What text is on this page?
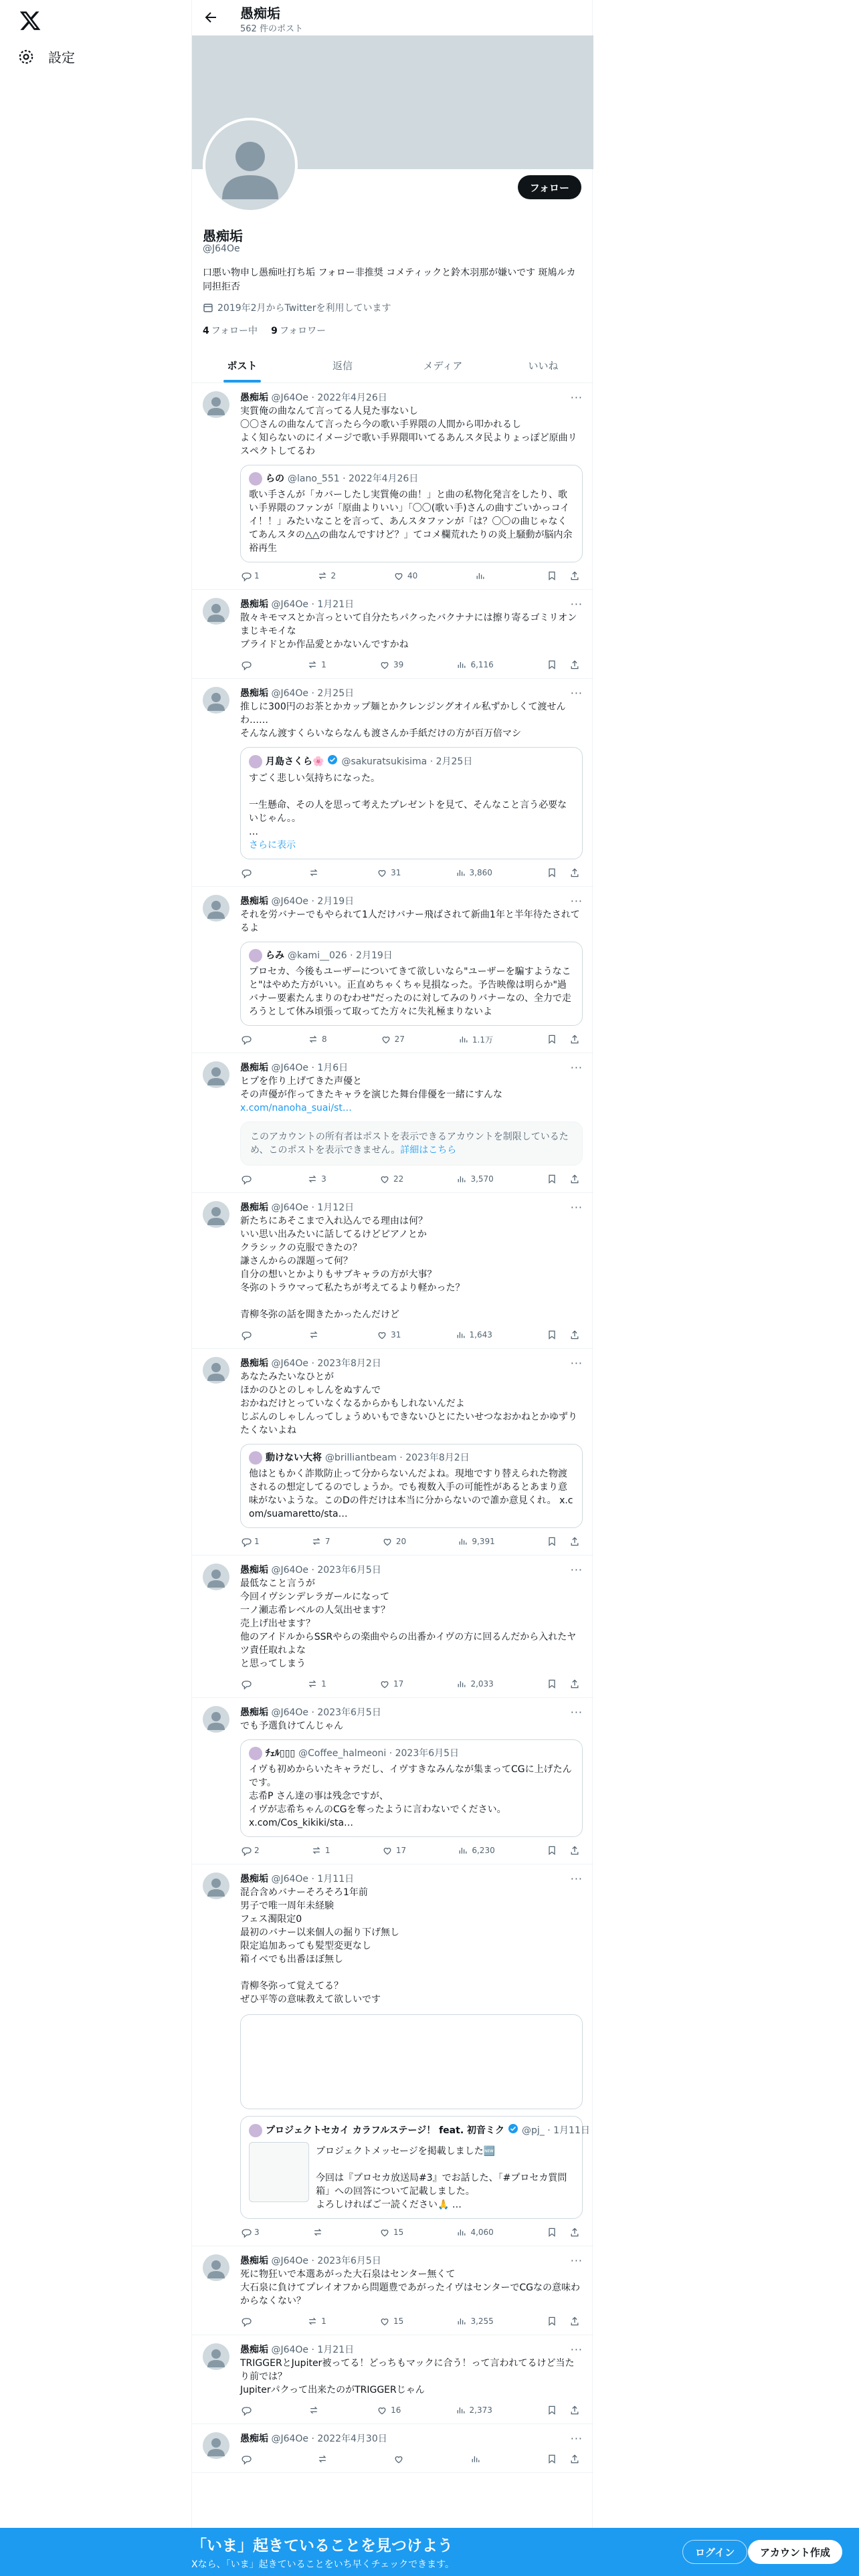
設定
愚痴垢
562 件のポスト
フォロー
愚痴垢
@J64Oe
口悪い物申し愚痴吐打ち垢 フォロー非推奨 コメティックと鈴木羽那が嫌いです 斑鳩ルカ同担拒否
2019年2月からTwitterを利用しています
4 フォロー中 9 フォロワー
ポスト	返信	メディア	いいね
···
愚痴垢 @J64Oe · 2022年4月26日
実質俺の曲なんて言ってる人見た事ないし
〇〇さんの曲なんて言ったら今の歌い手界隈の人間から叩かれるし
よく知らないのにイメージで歌い手界隈叩いてるあんスタ民よりょっぽど原曲リスペクトしてるわ
らの @lano_551 · 2022年4月26日
歌い手さんが「カバーしたし実質俺の曲！」と曲の私物化発言をしたり、歌い手界隈のファンが「原曲よりいい」「〇〇(歌い手)さんの曲すごいかっコイイ！！」みたいなことを言って、あんスタファンが「は？〇〇の曲じゃなくてあんスタの△△の曲なんですけど？」てコメ欄荒れたりの炎上騒動が脳内余裕再生
1	2	40
···
愚痴垢 @J64Oe · 1月21日
散々キモマスとか言っといて自分たちパクったバクナナには擦り寄るゴミリオンまじキモイな
ブライドとか作品愛とかないんですかね
1	39	6,116
···
愚痴垢 @J64Oe · 2月25日
推しに300円のお茶とかカップ麺とかクレンジングオイル私ずかしくて渡せんわ……
そんなん渡すくらいならなんも渡さんか手紙だけの方が百万倍マシ
月島さくら🌸 @sakuratsukisima · 2月25日
すごく悲しい気持ちになった。

一生懸命、その人を思って考えたプレゼントを見て、そんなこと言う必要ないじゃん。。
…
さらに表示
31	3,860
···
愚痴垢 @J64Oe · 2月19日
それを労バナーでもやられて1人だけバナー飛ばされて新曲1年と半年待たされてるよ
らみ @kami__026 · 2月19日
プロセカ、今後もユーザーについてきて欲しいなら"ユーザーを騙すようなこと"はやめた方がいい。正直めちゃくちゃ見損なった。予告映像は明らか"過バナー要素たんまりのむわせ"だったのに対してみのりバナーなの、全力で走ろうとして休み頃張って取ってた方々に失礼極まりないよ
8	27	1.1万
···
愚痴垢 @J64Oe · 1月6日
ヒプを作り上げてきた声優と
その声優が作ってきたキャラを演じた舞台俳優を一緒にすんな
x.com/nanoha_suai/st…
このアカウントの所有者はポストを表示できるアカウントを制限しているため、このポストを表示できません。詳細はこちら
3	22	3,570
···
愚痴垢 @J64Oe · 1月12日
新たちにあそこまで入れ込んでる理由は何？
いい思い出みたいに話してるけどピアノとか
クラシックの克服できたの？
謙さんからの課題って何？
自分の想いとかよりもサブキャラの方が大事？
冬弥のトラウマって私たちが考えてるより軽かった？

青柳冬弥の話を聞きたかったんだけど
31	1,643
···
愚痴垢 @J64Oe · 2023年8月2日
あなたみたいなひとが
ほかのひとのしゃしんをぬすんで
おかねだけとっていなくなるからかもしれないんだよ
じぶんのしゃしんってしょうめいもできないひとにたいせつなおかねとかゆずりたくないよね
動けない大将 @brilliantbeam · 2023年8月2日
他はともかく詐欺防止って分からないんだよね。現地ですり替えられた物渡されるの想定してるのでしょうか。でも複数入手の可能性があるとあまり意味がないような。このDの件だけは本当に分からないので誰か意見くれ。 x.com/suamaretto/sta…
1	7	20	9,391
···
愚痴垢 @J64Oe · 2023年6月5日
最低なこと言うが
今回イヴシンデレラガールになって
一ノ瀬志希レベルの人気出せます？
売上げ出せます？
他のアイドルからSSRやらの楽曲やらの出番かイヴの方に回るんだから入れたヤツ責任取れよな
と思ってしまう
1	17	2,033
···
愚痴垢 @J64Oe · 2023年6月5日
でも予選負けてんじゃん
ﾁｪﾙ▯▯▯ @Coffee_halmeoni · 2023年6月5日
イヴも初めからいたキャラだし、イヴすきなみんなが集まってCGに上げたんです。
志希P さん達の事は残念ですが、
イヴが志希ちゃんのCGを奪ったように言わないでください。
x.com/Cos_kikiki/sta…
2	1	17	6,230
···
愚痴垢 @J64Oe · 1月11日
混合含めバナーそろそろ1年前
男子で唯一周年未経験
フェス濁限定0
最初のバナー以来個人の掘り下げ無し
限定追加あっても髪型変更なし
箱イベでも出番ほぼ無し

青柳冬弥って覚えてる？
ぜひ平等の意味教えて欲しいです
プロジェクトセカイ カラフルステージ！ feat. 初音ミク @pj_ · 1月11日
プロジェクトメッセージを掲載しました🆕

今回は『プロセカ放送局#3』でお話した、「#プロセカ質問箱」への回答について記載しました。
よろしければご一読ください🙏 …
3	15	4,060
···
愚痴垢 @J64Oe · 2023年6月5日
死に物狂いで本選あがった大石泉はセンター無くて
大石泉に負けてプレイオフから問題豊であがったイヴはセンターでCGなの意味わからなくない？
1	15	3,255
···
愚痴垢 @J64Oe · 1月21日
TRIGGERとJupiter被ってる！どっちもマックに合う！って言われてるけど当たり前では？
Jupiterパクって出来たのがTRIGGERじゃん
16	2,373
···
愚痴垢 @J64Oe · 2022年4月30日
「いま」起きていることを見つけよう
Xなら、「いま」起きていることをいち早くチェックできます。
ログイン	アカウント作成
